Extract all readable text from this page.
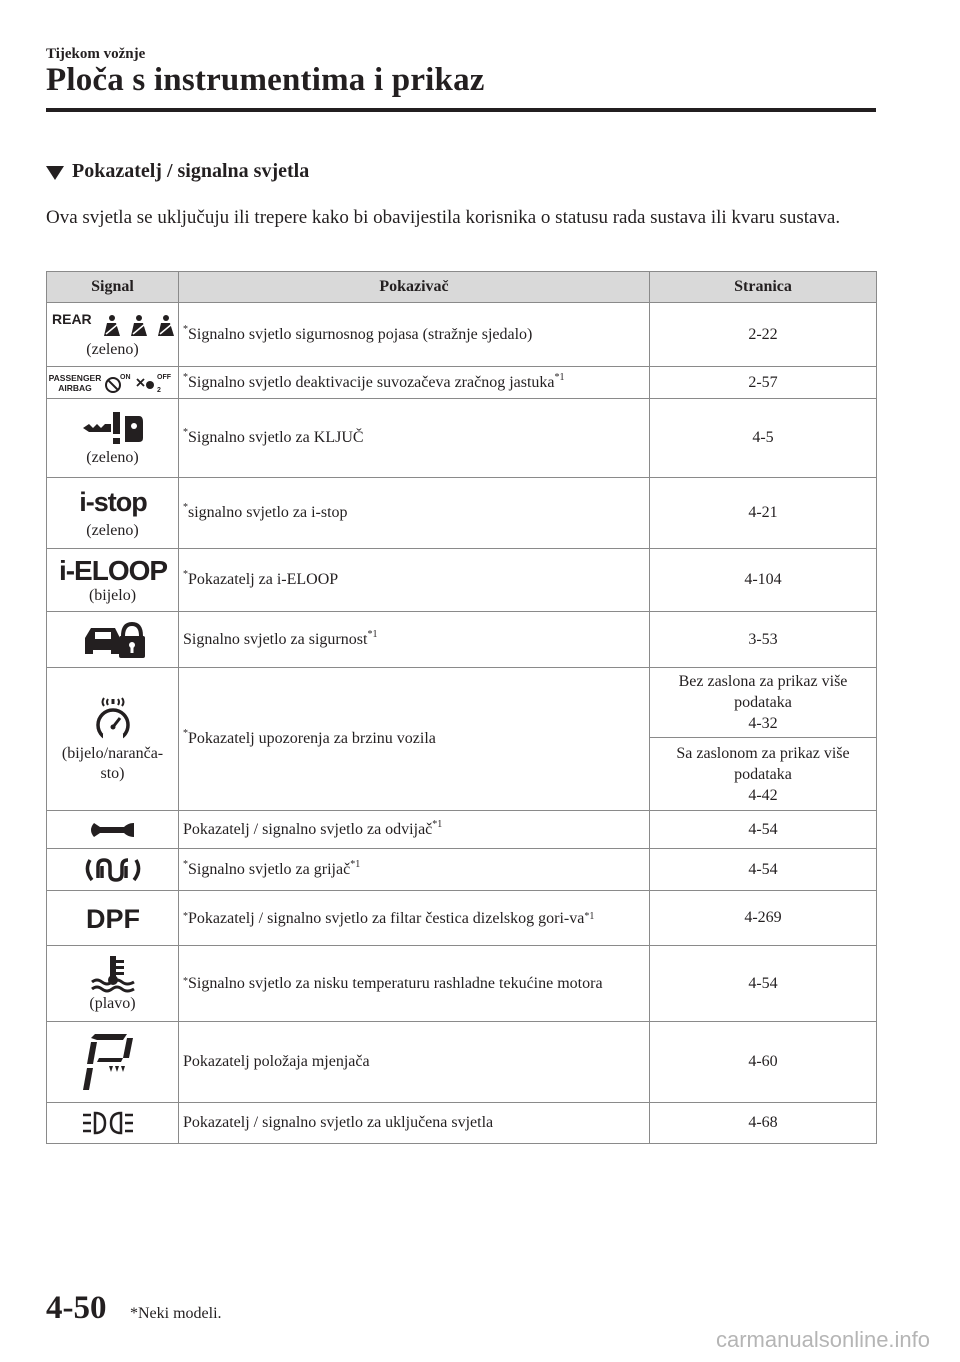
Tijekom vožnje
Ploča s instrumentima i prikaz
Pokazatelj / signalna svjetla
Ova svjetla se uključuju ili trepere kako bi obavijestila korisnika o statusu rada sustava ili kvaru sustava.
Signal	Pokazivač	Stranica

REAR
(zeleno)	*Signalno svjetlo sigurnosnog pojasa (stražnje sjedalo)	2-22

PASSENGER
AIRBAG
ON OFF
2	*Signalno svjetlo deaktivacije suvozačeva zračnog jastuka$^{*1}$	2-57

(zeleno)	*Signalno svjetlo za KLJUČ	4-5

i-stop
(zeleno)	*signalno svjetlo za i-stop	4-21

i-ELOOP
(bijelo)	*Pokazatelj za i-ELOOP	4-104

	Signalno svjetlo za sigurnost$^{*1}$	3-53

(bijelo/naranča-sto)	*Pokazatelj upozorenja za brzinu vozila	Bez zaslona za prikaz više podataka
4-32
		Sa zaslonom za prikaz više podataka
4-42

	Pokazatelj / signalno svjetlo za odvijač$^{*1}$	4-54

	*Signalno svjetlo za grijač$^{*1}$	4-54

DPF	*Pokazatelj / signalno svjetlo za filtar čestica dizelskog gori-$va^{*1}$	4-269

(plavo)	*Signalno svjetlo za nisku temperaturu rashladne tekućine motora	4-54

	Pokazatelj položaja mjenjača	4-60

	Pokazatelj / signalno svjetlo za uključena svjetla	4-68
4-50 *Neki modeli.
carmanualsonline.info
